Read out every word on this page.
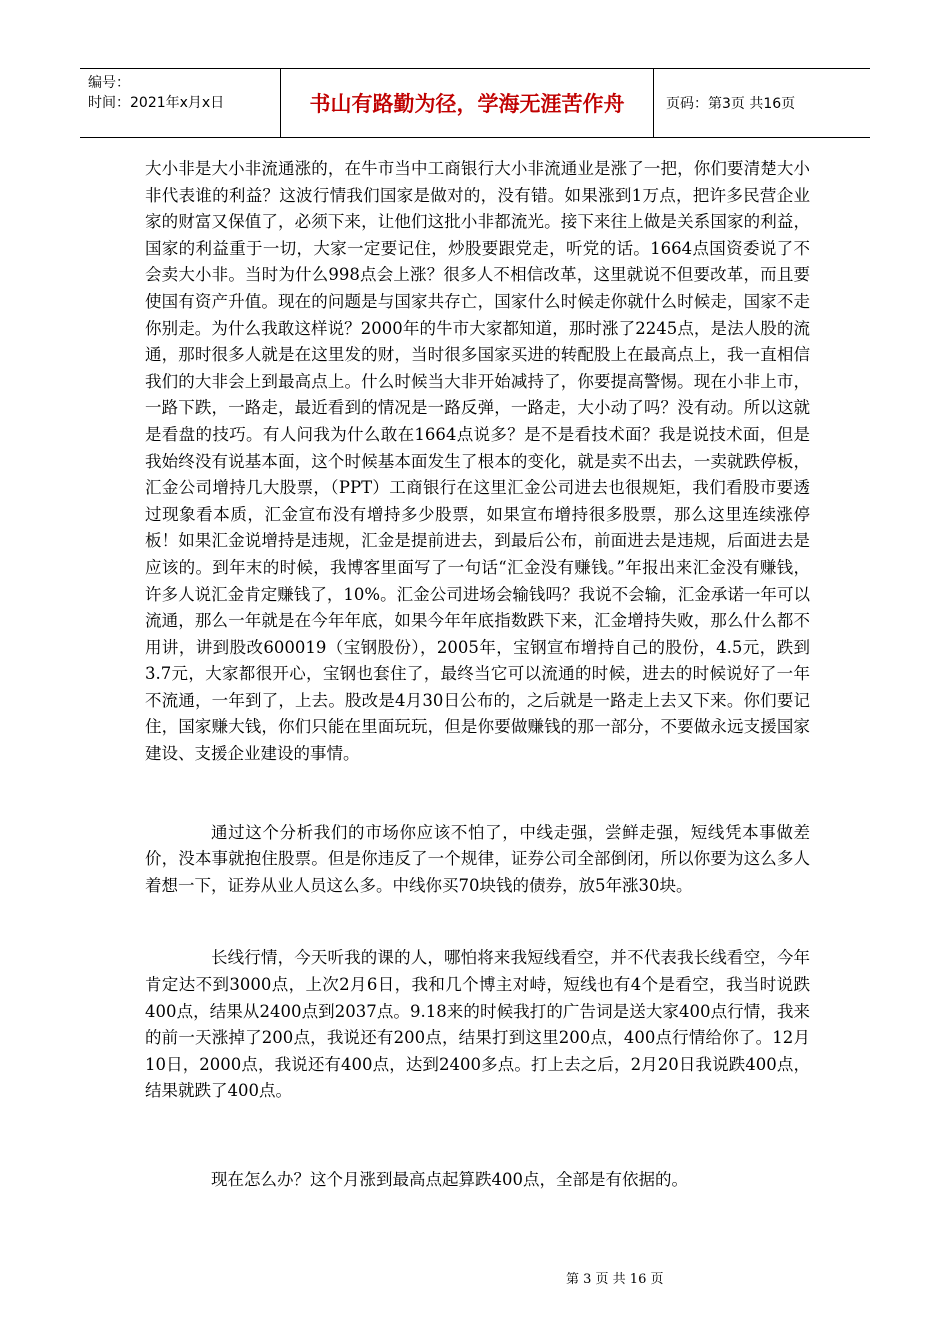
编号：
时间：2021年x月x日	书山有路勤为径，学海无涯苦作舟	页码：第3页 共16页

大小非是大小非流通涨的，在牛市当中工商银行大小非流通业是涨了一把，你们要清楚大小非代表谁的利益？这波行情我们国家是做对的，没有错。如果涨到1万点，把许多民营企业家的财富又保值了，必须下来，让他们这批小非都流光。接下来往上做是关系国家的利益，国家的利益重于一切，大家一定要记住，炒股要跟党走，听党的话。1664点国资委说了不会卖大小非。当时为什么998点会上涨？很多人不相信改革，这里就说不但要改革，而且要使国有资产升值。现在的问题是与国家共存亡，国家什么时候走你就什么时候走，国家不走你别走。为什么我敢这样说？2000年的牛市大家都知道，那时涨了2245点，是法人股的流通，那时很多人就是在这里发的财，当时很多国家买进的转配股上在最高点上，我一直相信我们的大非会上到最高点上。什么时候当大非开始减持了，你要提高警惕。现在小非上市，一路下跌，一路走，最近看到的情况是一路反弹，一路走，大小动了吗？没有动。所以这就是看盘的技巧。有人问我为什么敢在1664点说多？是不是看技术面？我是说技术面，但是我始终没有说基本面，这个时候基本面发生了根本的变化，就是卖不出去，一卖就跌停板，汇金公司增持几大股票，（PPT）工商银行在这里汇金公司进去也很规矩，我们看股市要透过现象看本质，汇金宣布没有增持多少股票，如果宣布增持很多股票，那么这里连续涨停板！如果汇金说增持是违规，汇金是提前进去，到最后公布，前面进去是违规，后面进去是应该的。到年末的时候，我博客里面写了一句话“汇金没有赚钱。”年报出来汇金没有赚钱，许多人说汇金肯定赚钱了，10%。汇金公司进场会输钱吗？我说不会输，汇金承诺一年可以流通，那么一年就是在今年年底，如果今年年底指数跌下来，汇金增持失败，那么什么都不用讲，讲到股改600019（宝钢股份），2005年，宝钢宣布增持自己的股份，4.5元，跌到3.7元，大家都很开心，宝钢也套住了，最终当它可以流通的时候，进去的时候说好了一年不流通，一年到了，上去。股改是4月30日公布的，之后就是一路走上去又下来。你们要记住，国家赚大钱，你们只能在里面玩玩，但是你要做赚钱的那一部分，不要做永远支援国家建设、支援企业建设的事情。

通过这个分析我们的市场你应该不怕了，中线走强，尝鲜走强，短线凭本事做差价，没本事就抱住股票。但是你违反了一个规律，证券公司全部倒闭，所以你要为这么多人着想一下，证券从业人员这么多。中线你买70块钱的债券，放5年涨30块。

长线行情，今天听我的课的人，哪怕将来我短线看空，并不代表我长线看空，今年肯定达不到3000点，上次2月6日，我和几个博主对峙，短线也有4个是看空，我当时说跌400点，结果从2400点到2037点。9.18来的时候我打的广告词是送大家400点行情，我来的前一天涨掉了200点，我说还有200点，结果打到这里200点，400点行情给你了。12月10日，2000点，我说还有400点，达到2400多点。打上去之后，2月20日我说跌400点，结果就跌了400点。

现在怎么办？这个月涨到最高点起算跌400点，全部是有依据的。

第 3 页 共 16 页
